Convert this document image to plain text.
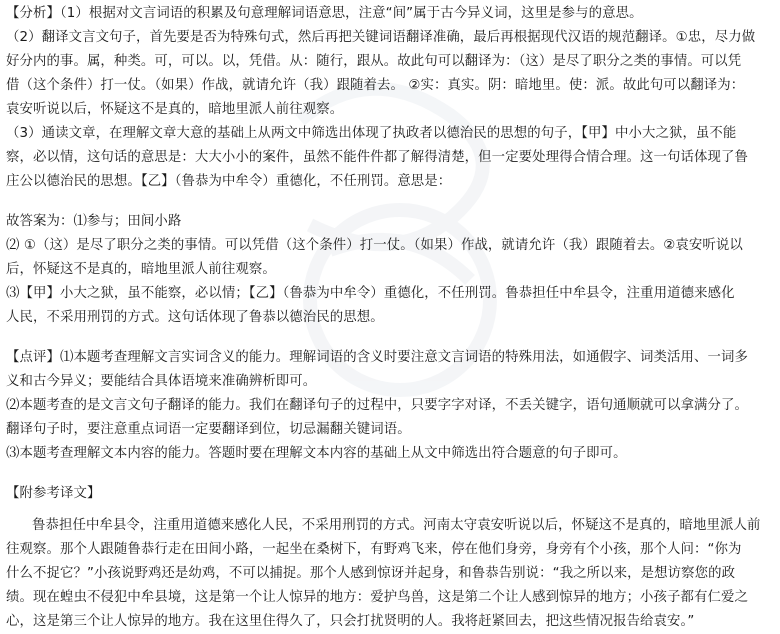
【分析】（1）根据对文言词语的积累及句意理解词语意思，注意“间”属于古今异义词，这里是参与的意思。
（2）翻译文言文句子，首先要是否为特殊句式，然后再把关键词语翻译准确，最后再根据现代汉语的规范翻译。①忠，尽力做
好分内的事。属，种类。可，可以。以，凭借。从：随行，跟从。故此句可以翻译为：（这）是尽了职分之类的事情。可以凭
借（这个条件）打一仗。（如果）作战，就请允许（我）跟随着去。 ②实：真实。阴：暗地里。使：派。故此句可以翻译为：
袁安听说以后，怀疑这不是真的，暗地里派人前往观察。
（3）通读文章，在理解文章大意的基础上从两文中筛选出体现了执政者以德治民的思想的句子，【甲】中小大之狱，虽不能
察，必以情，这句话的意思是：大大小小的案件，虽然不能件件都了解得清楚，但一定要处理得合情合理。这一句话体现了鲁
庄公以德治民的思想。【乙】（鲁恭为中牟令）重德化，不任刑罚。意思是：
故答案为：⑴参与；田间小路
⑵ ①（这）是尽了职分之类的事情。可以凭借（这个条件）打一仗。（如果）作战，就请允许（我）跟随着去。②袁安听说以
后，怀疑这不是真的，暗地里派人前往观察。
⑶【甲】小大之狱，虽不能察，必以情；【乙】（鲁恭为中牟令）重德化，不任刑罚。鲁恭担任中牟县令，注重用道德来感化
人民，不采用刑罚的方式。这句话体现了鲁恭以德治民的思想。
【点评】⑴本题考查理解文言实词含义的能力。理解词语的含义时要注意文言词语的特殊用法，如通假字、词类活用、一词多
义和古今异义；要能结合具体语境来准确辨析即可。
⑵本题考查的是文言文句子翻译的能力。我们在翻译句子的过程中，只要字字对译，不丢关键字，语句通顺就可以拿满分了。
翻译句子时，要注意重点词语一定要翻译到位，切忌漏翻关键词语。
⑶本题考查理解文本内容的能力。答题时要在理解文本内容的基础上从文中筛选出符合题意的句子即可。
【附参考译文】
鲁恭担任中牟县令，注重用道德来感化人民，不采用刑罚的方式。河南太守袁安听说以后，怀疑这不是真的，暗地里派人前
往观察。那个人跟随鲁恭行走在田间小路，一起坐在桑树下，有野鸡飞来，停在他们身旁，身旁有个小孩，那个人问：“你为
什么不捉它？”小孩说野鸡还是幼鸡，不可以捕捉。那个人感到惊讶并起身，和鲁恭告别说：“我之所以来，是想访察您的政
绩。现在蝗虫不侵犯中牟县境，这是第一个让人惊异的地方：爱护鸟兽，这是第二个让人感到惊异的地方；小孩子都有仁爱之
心，这是第三个让人惊异的地方。我在这里住得久了，只会打扰贤明的人。我将赶紧回去，把这些情况报告给袁安。”
